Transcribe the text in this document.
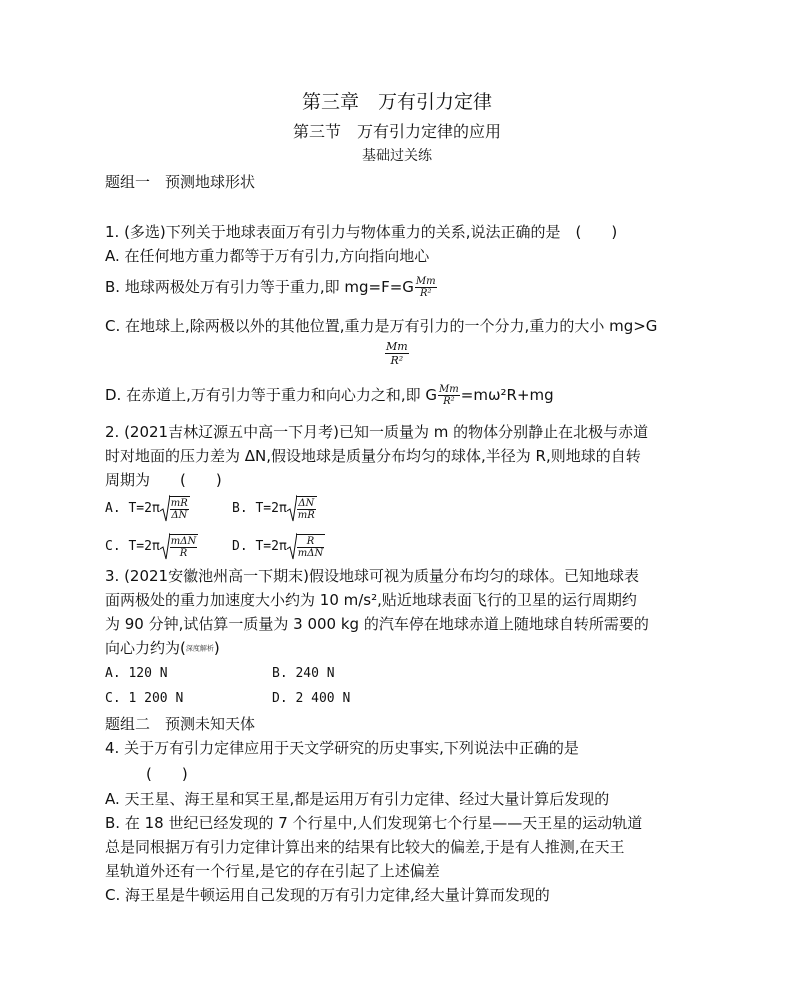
第三章　万有引力定律
第三节　万有引力定律的应用
基础过关练
题组一　预测地球形状
1. (多选)下列关于地球表面万有引力与物体重力的关系,说法正确的是　(　　)
A. 在任何地方重力都等于万有引力,方向指向地心
B. 地球两极处万有引力等于重力,即 $mg=F=G \frac{Mm}{\text{R²}}$
C. 在地球上,除两极以外的其他位置,重力是万有引力的一个分力,重力的大小 mg>G
$\frac{Mm}{\text{R²}}$
D. 在赤道上,万有引力等于重力和向心力之和,即 G $\frac{Mm}{\text{R²}} =m\omega^2R+mg$
2. (2021吉林辽源五中高一下月考)已知一质量为 m 的物体分别静止在北极与赤道
时对地面的压力差为 ΔN,假设地球是质量分布均匀的球体,半径为 R,则地球的自转
周期为　　(　　)
A. $T=2\pi \frac{mR}{\Delta N}$	B. $T=2\pi \frac{\Delta N}{mR}$
C. $T=2\pi \frac{\text{mΔN}}{R}$	D. $T=2\pi \frac{R}{\text{mΔN}}$
3. (2021安徽池州高一下期末)假设地球可视为质量分布均匀的球体。已知地球表
面两极处的重力加速度大小约为 10 m/s²,贴近地球表面飞行的卫星的运行周期约
为 90 分钟,试估算一质量为 3 000 kg 的汽车停在地球赤道上随地球自转所需要的
向心力约为(深度解析)
A. 120 N	B. 240 N
C. 1 200 N	D. 2 400 N
题组二　预测未知天体
4. 关于万有引力定律应用于天文学研究的历史事实,下列说法中正确的是
(　　)
A. 天王星、海王星和冥王星,都是运用万有引力定律、经过大量计算后发现的
B. 在 18 世纪已经发现的 7 个行星中,人们发现第七个行星——天王星的运动轨道
总是同根据万有引力定律计算出来的结果有比较大的偏差,于是有人推测,在天王
星轨道外还有一个行星,是它的存在引起了上述偏差
C. 海王星是牛顿运用自己发现的万有引力定律,经大量计算而发现的
